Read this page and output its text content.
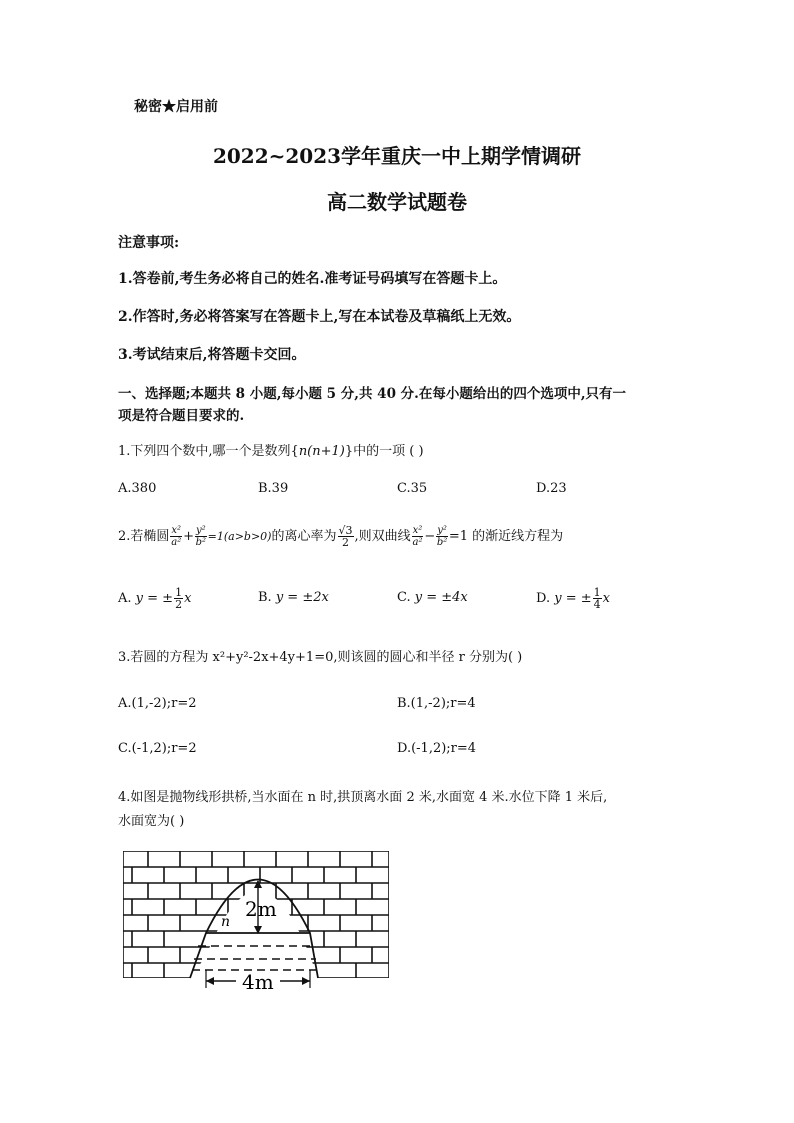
秘密★启用前
2022~2023学年重庆一中上期学情调研
高二数学试题卷
注意事项:
1.答卷前,考生务必将自己的姓名.准考证号码填写在答题卡上。
2.作答时,务必将答案写在答题卡上,写在本试卷及草稿纸上无效。
3.考试结束后,将答题卡交回。
一、选择题;本题共 8 小题,每小题 5 分,共 40 分.在每小题给出的四个选项中,只有一
项是符合题目要求的.
1.下列四个数中,哪一个是数列{n(n+1)}中的一项 ( )
A.380	B.39	C.35	D.23
2.若椭圆 $\frac{\text{x²}}{\text{a²}} + \frac{\text{y²}}{\text{b²}} =1(a>b>0)$的离心率为 $\frac{√3}{2}$ ,则双曲线 $\frac{\text{x²}}{\text{a²}} - \frac{\text{y²}}{\text{b²}} =1$ 的渐近线方程为
A. y = ± $\frac{1}{2}$ x	B. y = ±2x	C. y = ±4x	D. y = ± $\frac{1}{4}$ x
3.若圆的方程为 x²+y²-2x+4y+1=0,则该圆的圆心和半径 r 分别为( )
A.(1,-2);r=2	B.(1,-2);r=4
C.(-1,2);r=2	D.(-1,2);r=4
4.如图是抛物线形拱桥,当水面在 n 时,拱顶离水面 2 米,水面宽 4 米.水位下降 1 米后,
水面宽为( )
2m
n
4m
